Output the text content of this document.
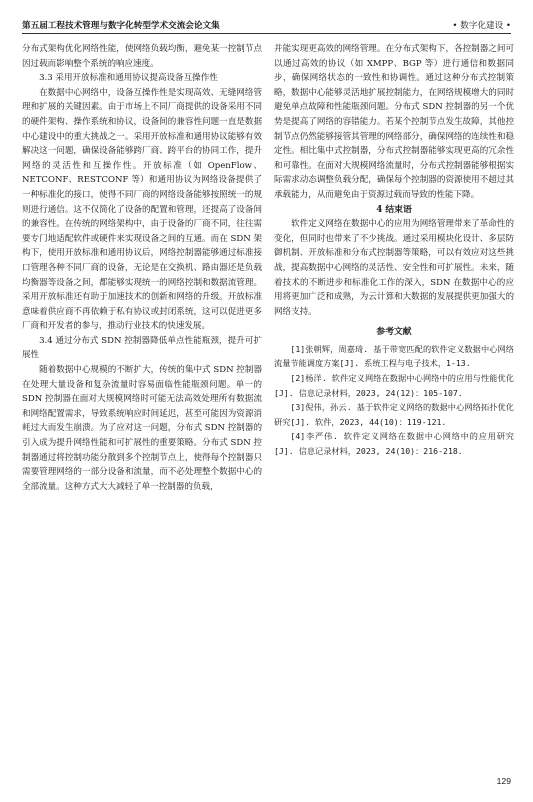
第五届工程技术管理与数字化转型学术交流会论文集	• 数字化建设 •

分布式架构优化网络性能，使网络负载均衡，避免某一控制节点因过载而影响整个系统的响应速度。

3.3 采用开放标准和通用协议提高设备互操作性

在数据中心网络中，设备互操作性是实现高效、无缝网络管理和扩展的关键因素。由于市场上不同厂商提供的设备采用不同的硬件架构、操作系统和协议，设备间的兼容性问题一直是数据中心建设中的重大挑战之一。采用开放标准和通用协议能够有效解决这一问题，确保设备能够跨厂商、跨平台的协同工作，提升网络的灵活性和互操作性。开放标准（如 OpenFlow、NETCONF、RESTCONF 等）和通用协议为网络设备提供了一种标准化的接口，使得不同厂商的网络设备能够按照统一的规则进行通信。这不仅简化了设备的配置和管理，还提高了设备间的兼容性。在传统的网络架构中，由于设备的厂商不同，往往需要专门地适配软件或硬件来实现设备之间的互通。而在 SDN 架构下，使用开放标准和通用协议后，网络控制器能够通过标准接口管理各种不同厂商的设备，无论是在交换机、路由器还是负载均衡器等设备之间，都能够实现统一的网络控制和数据流管理。采用开放标准还有助于加速技术的创新和网络的升级。开放标准意味着供应商不再依赖于私有协议或封闭系统，这可以促进更多厂商和开发者的参与，推动行业技术的快速发展。

3.4 通过分布式 SDN 控制器降低单点性能瓶颈，提升可扩展性

随着数据中心规模的不断扩大，传统的集中式 SDN 控制器在处理大量设备和复杂流量时容易面临性能瓶颈问题。单一的 SDN 控制器在面对大规模网络时可能无法高效处理所有数据流和网络配置需求，导致系统响应时间延迟，甚至可能因为资源消耗过大而发生崩溃。为了应对这一问题，分布式 SDN 控制器的引入成为提升网络性能和可扩展性的重要策略。分布式 SDN 控制器通过将控制功能分散到多个控制节点上，使得每个控制器只需要管理网络的一部分设备和流量，而不必处理整个数据中心的全部流量。这种方式大大减轻了单一控制器的负载，

并能实现更高效的网络管理。在分布式架构下，各控制器之间可以通过高效的协议（如 XMPP、BGP 等）进行通信和数据同步，确保网络状态的一致性和协调性。通过这种分布式控制策略，数据中心能够灵活地扩展控制能力，在网络规模增大的同时避免单点故障和性能瓶颈问题。分布式 SDN 控制器的另一个优势是提高了网络的容错能力。若某个控制节点发生故障，其他控制节点仍然能够接管其管理的网络部分，确保网络的连续性和稳定性。相比集中式控制器，分布式控制器能够实现更高的冗余性和可靠性。在面对大规模网络流量时，分布式控制器能够根据实际需求动态调整负载分配，确保每个控制器的资源使用不超过其承载能力，从而避免由于资源过载而导致的性能下降。

4 结束语

软件定义网络在数据中心的应用为网络管理带来了革命性的变化，但同时也带来了不少挑战。通过采用模块化设计、多层防御机制、开放标准和分布式控制器等策略，可以有效应对这些挑战，提高数据中心网络的灵活性、安全性和可扩展性。未来，随着技术的不断进步和标准化工作的深入，SDN 在数据中心的应用将更加广泛和成熟，为云计算和大数据的发展提供更加强大的网络支持。

参考文献

[1]张朝辉，周嘉琦. 基于带宽匹配的软件定义数据中心网络流量节能调度方案[J]. 系统工程与电子技术，1-13.

[2]杨洋. 软件定义网络在数据中心网络中的应用与性能优化[J]. 信息记录材料，2023, 24(12)：105-107.

[3]倪伟，孙云. 基于软件定义网络的数据中心网络拓扑优化研究[J]. 软件，2023, 44(10)：119-121.

[4]李严伟. 软件定义网络在数据中心网络中的应用研究[J]. 信息记录材料，2023, 24(10)：216-218.

129
